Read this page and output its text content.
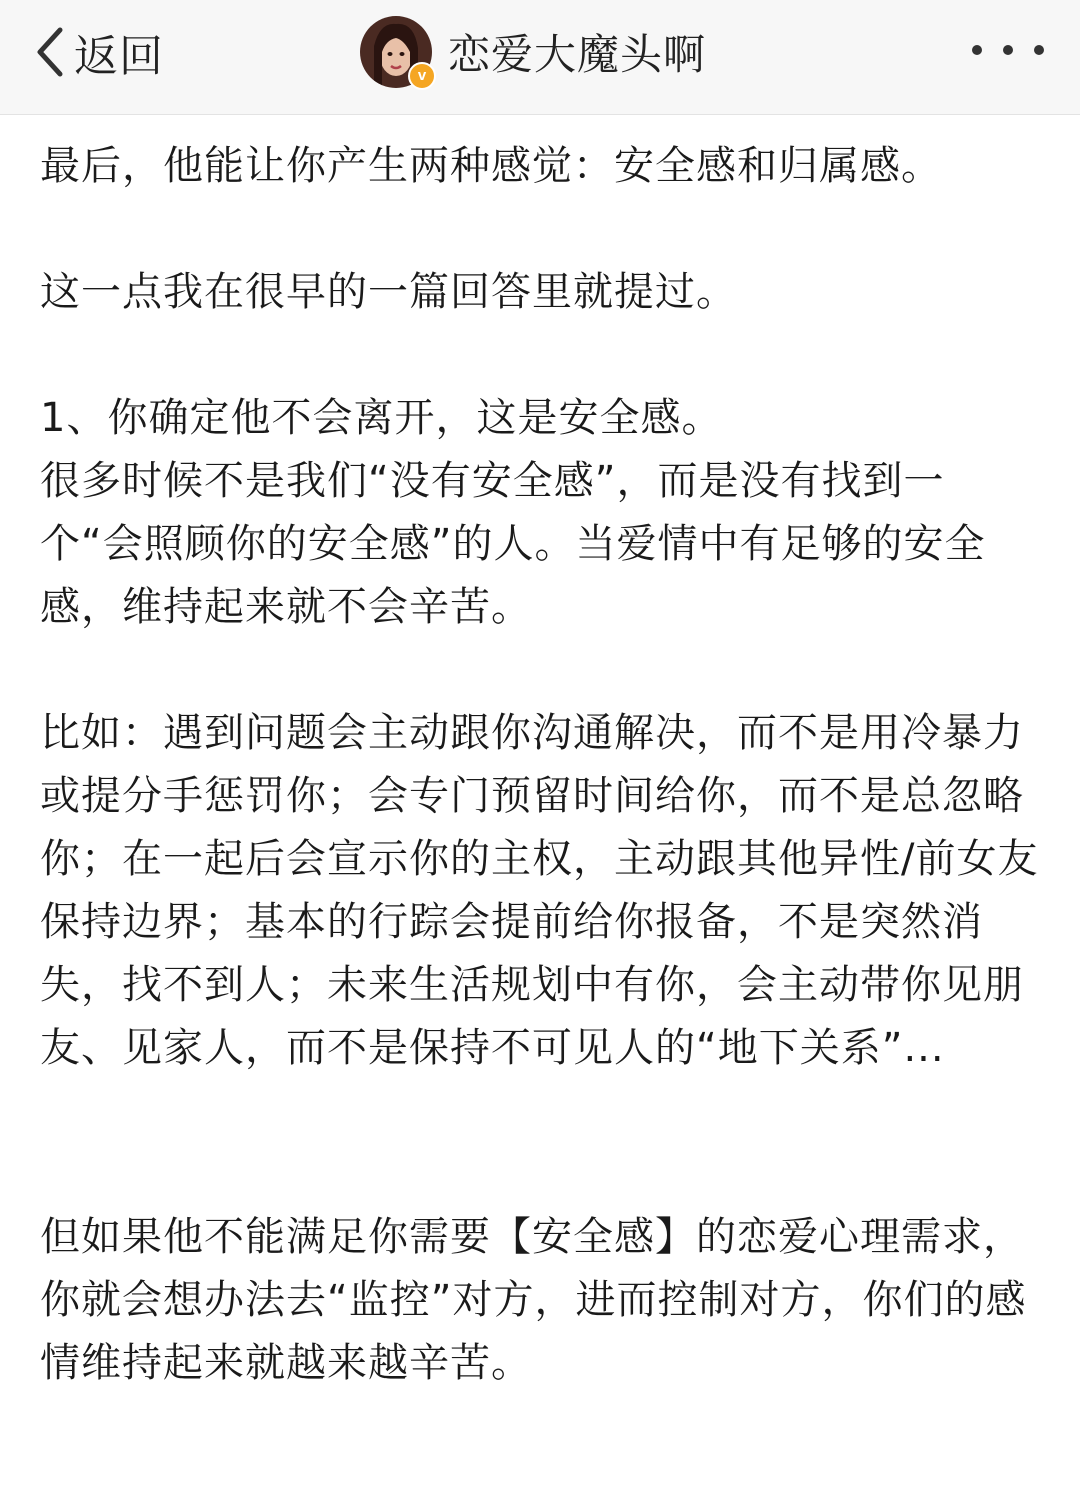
返回	v 恋爱大魔头啊

最后，他能让你产生两种感觉：安全感和归属感。

这一点我在很早的一篇回答里就提过。

1、你确定他不会离开，这是安全感。

很多时候不是我们“没有安全感”，而是没有找到一个“会照顾你的安全感”的人。当爱情中有足够的安全感，维持起来就不会辛苦。

比如：遇到问题会主动跟你沟通解决，而不是用冷暴力或提分手惩罚你；会专门预留时间给你，而不是总忽略你；在一起后会宣示你的主权，主动跟其他异性/前女友保持边界；基本的行踪会提前给你报备，不是突然消失，找不到人；未来生活规划中有你，会主动带你见朋友、见家人，而不是保持不可见人的“地下关系”...

但如果他不能满足你需要【安全感】的恋爱心理需求，你就会想办法去“监控”对方，进而控制对方，你们的感情维持起来就越来越辛苦。
